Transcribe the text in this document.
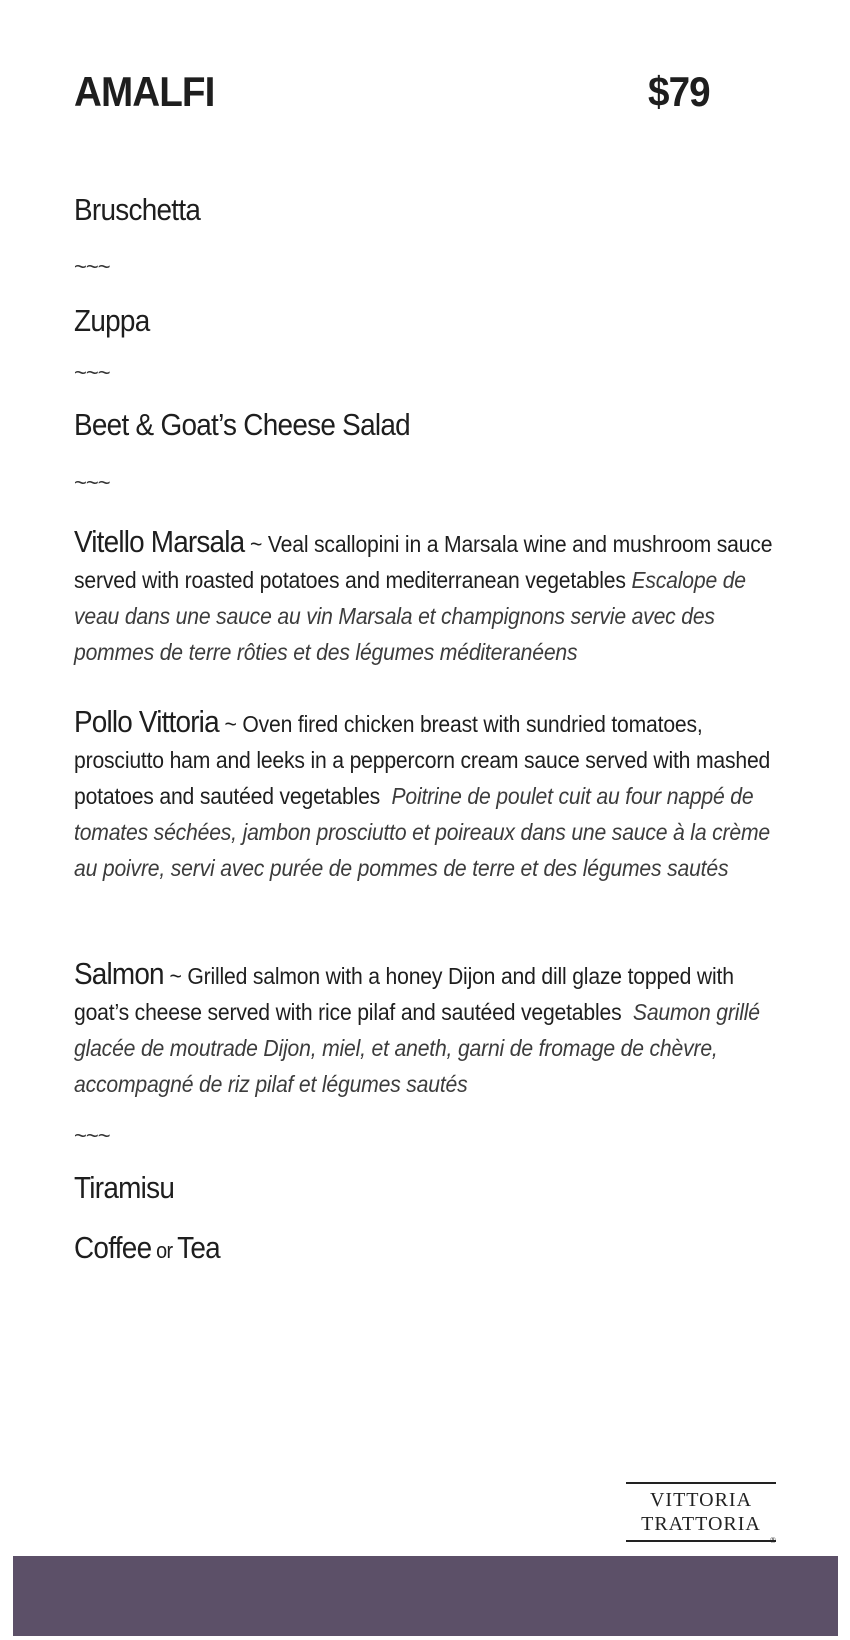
AMALFI	$79
Bruschetta
~~~
Zuppa
~~~
Beet & Goat’s Cheese Salad
~~~
Vitello Marsala ~ Veal scallopini in a Marsala wine and mushroom sauce served with roasted potatoes and mediterranean vegetables Escalope de veau dans une sauce au vin Marsala et champignons servie avec des pommes de terre rôties et des légumes méditeranéens
Pollo Vittoria ~ Oven fired chicken breast with sundried tomatoes, prosciutto ham and leeks in a peppercorn cream sauce served with mashed potatoes and sautéed vegetables Poitrine de poulet cuit au four nappé de tomates séchées, jambon prosciutto et poireaux dans une sauce à la crème au poivre, servi avec purée de pommes de terre et des légumes sautés
Salmon ~ Grilled salmon with a honey Dijon and dill glaze topped with goat’s cheese served with rice pilaf and sautéed vegetables Saumon grillé glacée de moutrade Dijon, miel, et aneth, garni de fromage de chèvre, accompagné de riz pilaf et légumes sautés
~~~
Tiramisu
Coffee or Tea
VITTORIA
TRATTORIA
®
